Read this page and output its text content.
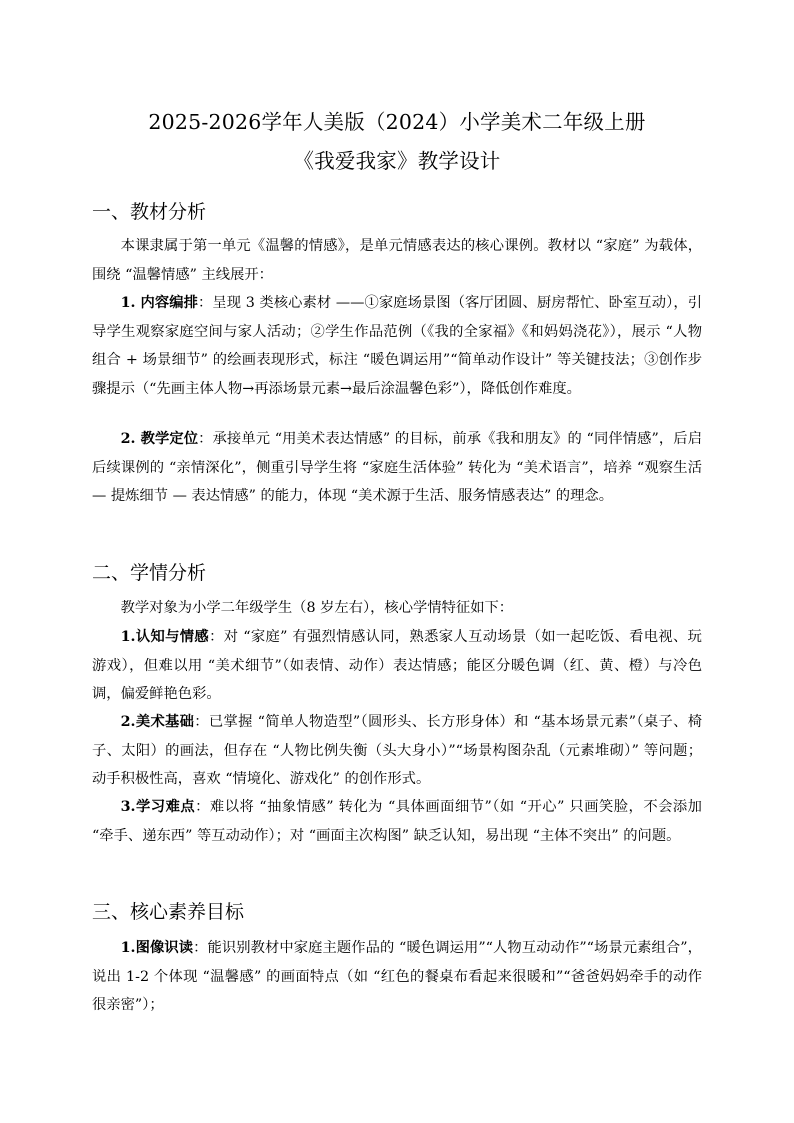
2025-2026学年人美版（2024）小学美术二年级上册
《我爱我家》教学设计
一、教材分析

本课隶属于第一单元《温馨的情感》，是单元情感表达的核心课例。教材以 “家庭” 为载体，围绕 “温馨情感” 主线展开：

1. 内容编排：呈现 3 类核心素材 ——①家庭场景图（客厅团圆、厨房帮忙、卧室互动），引导学生观察家庭空间与家人活动；②学生作品范例（《我的全家福》《和妈妈浇花》），展示 “人物组合 + 场景细节” 的绘画表现形式，标注 “暖色调运用”“简单动作设计” 等关键技法；③创作步骤提示（“先画主体人物→再添场景元素→最后涂温馨色彩”），降低创作难度。

2. 教学定位：承接单元 “用美术表达情感” 的目标，前承《我和朋友》的 “同伴情感”，后启后续课例的 “亲情深化”，侧重引导学生将 “家庭生活体验” 转化为 “美术语言”，培养 “观察生活 — 提炼细节 — 表达情感” 的能力，体现 “美术源于生活、服务情感表达” 的理念。

二、学情分析

教学对象为小学二年级学生（8 岁左右），核心学情特征如下：

1.认知与情感：对 “家庭” 有强烈情感认同，熟悉家人互动场景（如一起吃饭、看电视、玩游戏），但难以用 “美术细节”（如表情、动作）表达情感；能区分暖色调（红、黄、橙）与冷色调，偏爱鲜艳色彩。

2.美术基础：已掌握 “简单人物造型”（圆形头、长方形身体）和 “基本场景元素”（桌子、椅子、太阳）的画法，但存在 “人物比例失衡（头大身小）”“场景构图杂乱（元素堆砌）” 等问题；动手积极性高，喜欢 “情境化、游戏化” 的创作形式。

3.学习难点：难以将 “抽象情感” 转化为 “具体画面细节”（如 “开心” 只画笑脸，不会添加 “牵手、递东西” 等互动动作）；对 “画面主次构图” 缺乏认知，易出现 “主体不突出” 的问题。

三、核心素养目标

1.图像识读：能识别教材中家庭主题作品的 “暖色调运用”“人物互动动作”“场景元素组合”，说出 1-2 个体现 “温馨感” 的画面特点（如 “红色的餐桌布看起来很暖和”“爸爸妈妈牵手的动作很亲密”）；
